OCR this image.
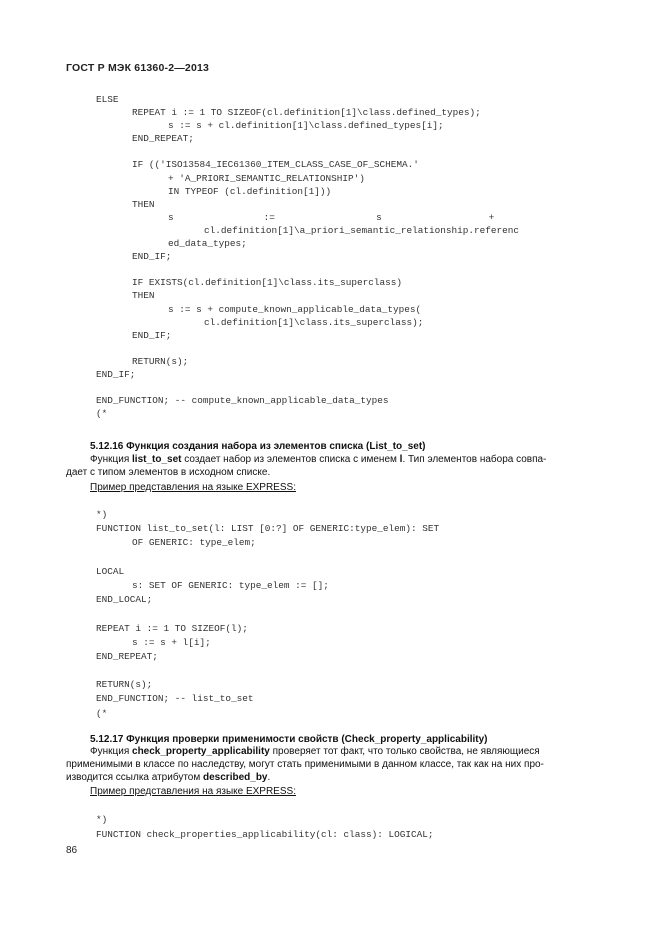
ГОСТ Р МЭК 61360-2—2013
ELSE
REPEAT i := 1 TO SIZEOF(cl.definition[1]\class.defined_types);
s := s + cl.definition[1]\class.defined_types[i];
END_REPEAT;
IF (('ISO13584_IEC61360_ITEM_CLASS_CASE_OF_SCHEMA.'
+ 'A_PRIORI_SEMANTIC_RELATIONSHIP')
IN TYPEOF (cl.definition[1]))
THEN
s                :=                  s                   +
cl.definition[1]\a_priori_semantic_relationship.referenc
ed_data_types;
END_IF;
IF EXISTS(cl.definition[1]\class.its_superclass)
THEN
s := s + compute_known_applicable_data_types(
cl.definition[1]\class.its_superclass);
END_IF;
RETURN(s);
END_IF;
END_FUNCTION; -- compute_known_applicable_data_types
(*
5.12.16 Функция создания набора из элементов списка (List_to_set)
Функция list_to_set создает набор из элементов списка с именем l. Тип элементов набора совпа-
дает с типом элементов в исходном списке.
Пример представления на языке EXPRESS:
*)
FUNCTION list_to_set(l: LIST [0:?] OF GENERIC:type_elem): SET
OF GENERIC: type_elem;
LOCAL
s: SET OF GENERIC: type_elem := [];
END_LOCAL;
REPEAT i := 1 TO SIZEOF(l);
s := s + l[i];
END_REPEAT;
RETURN(s);
END_FUNCTION; -- list_to_set
(*
5.12.17 Функция проверки применимости свойств (Check_property_applicability)
Функция check_property_applicability проверяет тот факт, что только свойства, не являющиеся
применимыми в классе по наследству, могут стать применимыми в данном классе, так как на них про-
изводится ссылка атрибутом described_by.
Пример представления на языке EXPRESS:
*)
FUNCTION check_properties_applicability(cl: class): LOGICAL;
86
